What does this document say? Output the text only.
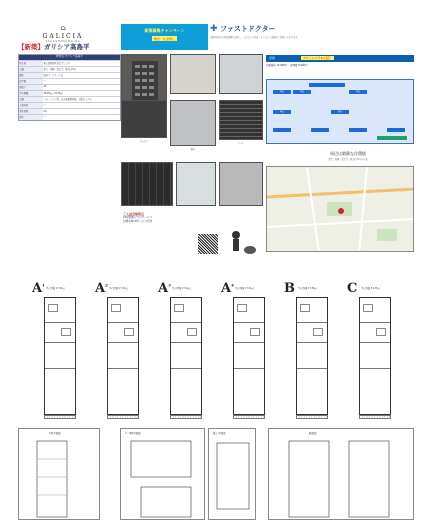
⌂
GALICIA
TAKASHIMADAIRA
【新築】ガリシア高島平
物件名 ガリシア高島平
所在地	東京都板橋区高島平七丁目
交通	都営三田線「高島平」駅 徒歩5分
構造	鉄筋コンクリート造
総戸数	—
間取り	1K
専有面積	25.48㎡～34.35㎡
設備	バス・トイレ別、室内洗濯機置場、宅配ボックス
入居時期	—
契約期間	2年
備考	—
キッチン
浴室
トイレ
新築募集キャンペーン
敷金・礼金無し
✚ ファストドクター
夜間や休日の急な体調不良時に、ご自宅での往診・オンライン診療がご利用いただけます。
家賃	フリーレント1ヶ月！
月額賃料 72,000円～ 管理費 8,000円
申込	申込	申込
申込	申込
周辺は閑静な住環境
都営三田線「高島平」駅 徒歩5分の立地
ご入居者様限定
24時間駆けつけサービス
お得なWi-Fiサービス付き
$A^1$
専有面積 27.91㎡ $A^2$
専有面積 27.91㎡ $A^3$
専有面積 27.91㎡ $A^4$
専有面積 27.91㎡ B 専有面積 27.86㎡ C 専有面積 34.35㎡
1階平面図	2～9階平面図	屋上平面図	断面図
